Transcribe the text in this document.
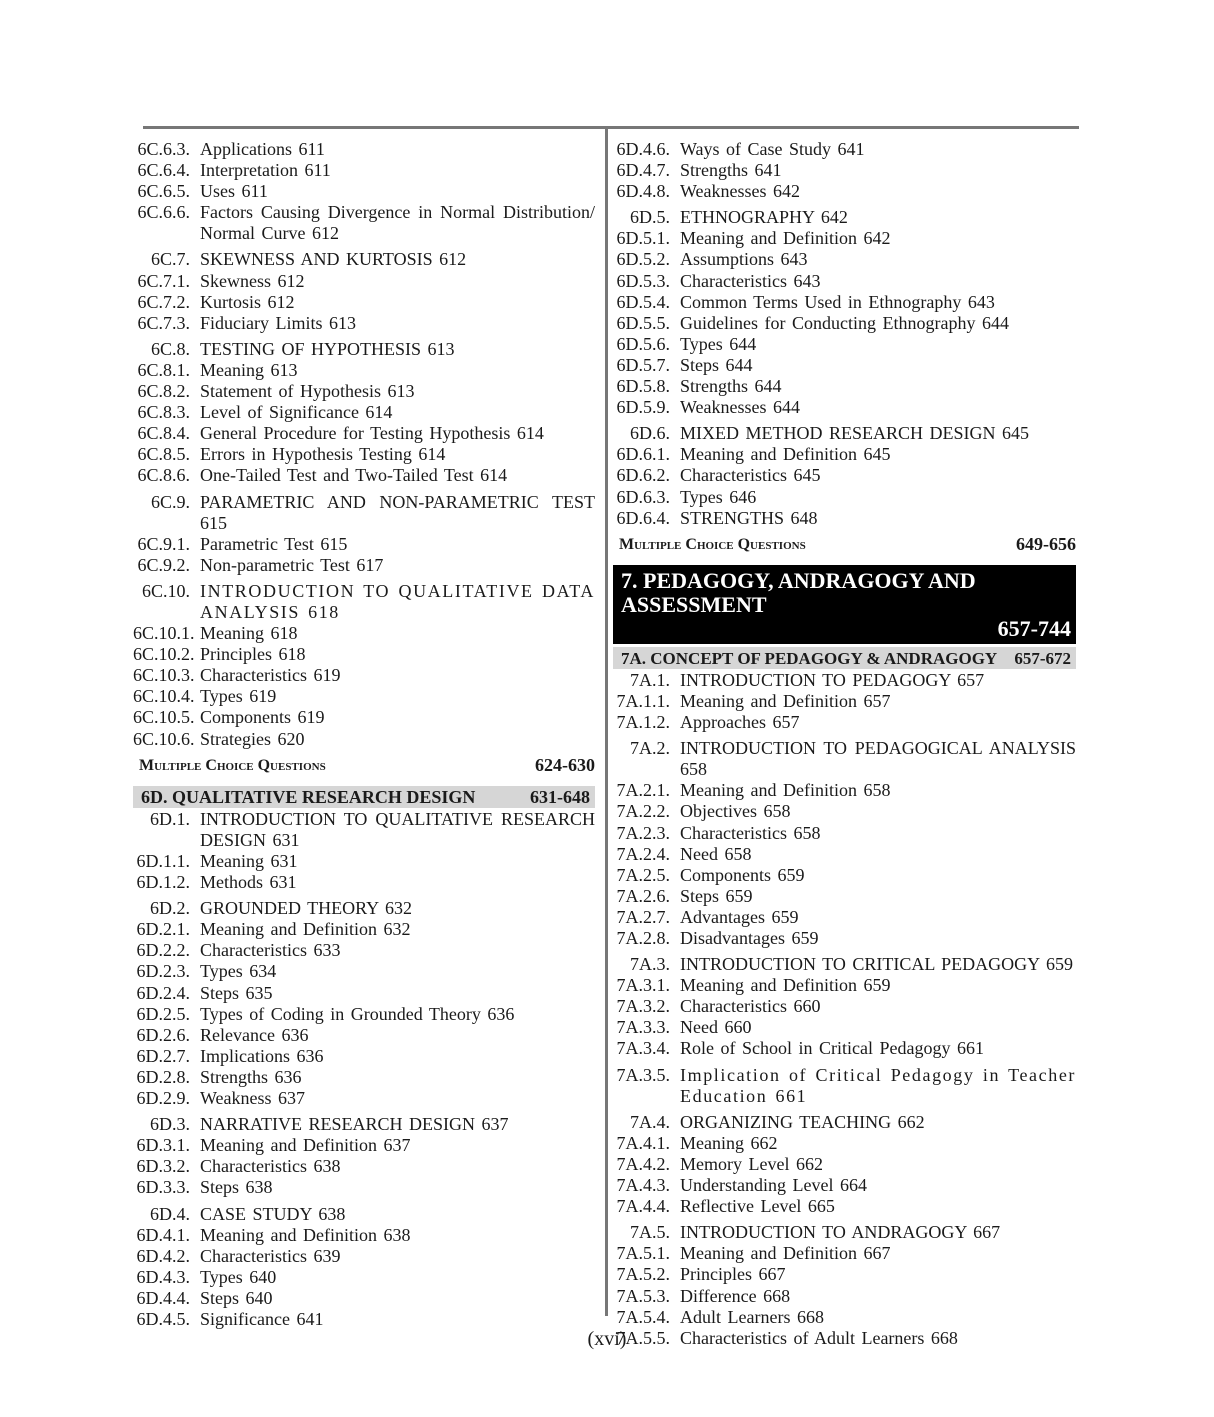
6C.6.3. Applications 611
6C.6.4. Interpretation 611
6C.6.5. Uses 611
6C.6.6. Factors Causing Divergence in Normal Distribution/ Normal Curve 612
6C.7. SKEWNESS AND KURTOSIS 612
6C.7.1. Skewness 612
6C.7.2. Kurtosis 612
6C.7.3. Fiduciary Limits 613
6C.8. TESTING OF HYPOTHESIS 613
6C.8.1. Meaning 613
6C.8.2. Statement of Hypothesis 613
6C.8.3. Level of Significance 614
6C.8.4. General Procedure for Testing Hypothesis 614
6C.8.5. Errors in Hypothesis Testing 614
6C.8.6. One-Tailed Test and Two-Tailed Test 614
6C.9. PARAMETRIC AND NON-PARAMETRIC TEST 615
6C.9.1. Parametric Test 615
6C.9.2. Non-parametric Test 617
6C.10. INTRODUCTION TO QUALITATIVE DATA ANALYSIS 618
6C.10.1. Meaning 618
6C.10.2. Principles 618
6C.10.3. Characteristics 619
6C.10.4. Types 619
6C.10.5. Components 619
6C.10.6. Strategies 620
Multiple Choice Questions	624-630
6D. QUALITATIVE RESEARCH DESIGN	631-648
6D.1. INTRODUCTION TO QUALITATIVE RESEARCH DESIGN 631
6D.1.1. Meaning 631
6D.1.2. Methods 631
6D.2. GROUNDED THEORY 632
6D.2.1. Meaning and Definition 632
6D.2.2. Characteristics 633
6D.2.3. Types 634
6D.2.4. Steps 635
6D.2.5. Types of Coding in Grounded Theory 636
6D.2.6. Relevance 636
6D.2.7. Implications 636
6D.2.8. Strengths 636
6D.2.9. Weakness 637
6D.3. NARRATIVE RESEARCH DESIGN 637
6D.3.1. Meaning and Definition 637
6D.3.2. Characteristics 638
6D.3.3. Steps 638
6D.4. CASE STUDY 638
6D.4.1. Meaning and Definition 638
6D.4.2. Characteristics 639
6D.4.3. Types 640
6D.4.4. Steps 640
6D.4.5. Significance 641
6D.4.6. Ways of Case Study 641
6D.4.7. Strengths 641
6D.4.8. Weaknesses 642
6D.5. ETHNOGRAPHY 642
6D.5.1. Meaning and Definition 642
6D.5.2. Assumptions 643
6D.5.3. Characteristics 643
6D.5.4. Common Terms Used in Ethnography 643
6D.5.5. Guidelines for Conducting Ethnography 644
6D.5.6. Types 644
6D.5.7. Steps 644
6D.5.8. Strengths 644
6D.5.9. Weaknesses 644
6D.6. MIXED METHOD RESEARCH DESIGN 645
6D.6.1. Meaning and Definition 645
6D.6.2. Characteristics 645
6D.6.3. Types 646
6D.6.4. STRENGTHS 648
Multiple Choice Questions	649-656
7. PEDAGOGY, ANDRAGOGY AND ASSESSMENT
657-744
7A. CONCEPT OF PEDAGOGY & ANDRAGOGY 657-672
7A.1. INTRODUCTION TO PEDAGOGY 657
7A.1.1. Meaning and Definition 657
7A.1.2. Approaches 657
7A.2. INTRODUCTION TO PEDAGOGICAL ANALYSIS 658
7A.2.1. Meaning and Definition 658
7A.2.2. Objectives 658
7A.2.3. Characteristics 658
7A.2.4. Need 658
7A.2.5. Components 659
7A.2.6. Steps 659
7A.2.7. Advantages 659
7A.2.8. Disadvantages 659
7A.3. INTRODUCTION TO CRITICAL PEDAGOGY 659
7A.3.1. Meaning and Definition 659
7A.3.2. Characteristics 660
7A.3.3. Need 660
7A.3.4. Role of School in Critical Pedagogy 661
7A.3.5. Implication of Critical Pedagogy in Teacher Education 661
7A.4. ORGANIZING TEACHING 662
7A.4.1. Meaning 662
7A.4.2. Memory Level 662
7A.4.3. Understanding Level 664
7A.4.4. Reflective Level 665
7A.5. INTRODUCTION TO ANDRAGOGY 667
7A.5.1. Meaning and Definition 667
7A.5.2. Principles 667
7A.5.3. Difference 668
7A.5.4. Adult Learners 668
7A.5.5. Characteristics of Adult Learners 668
(xvi)
